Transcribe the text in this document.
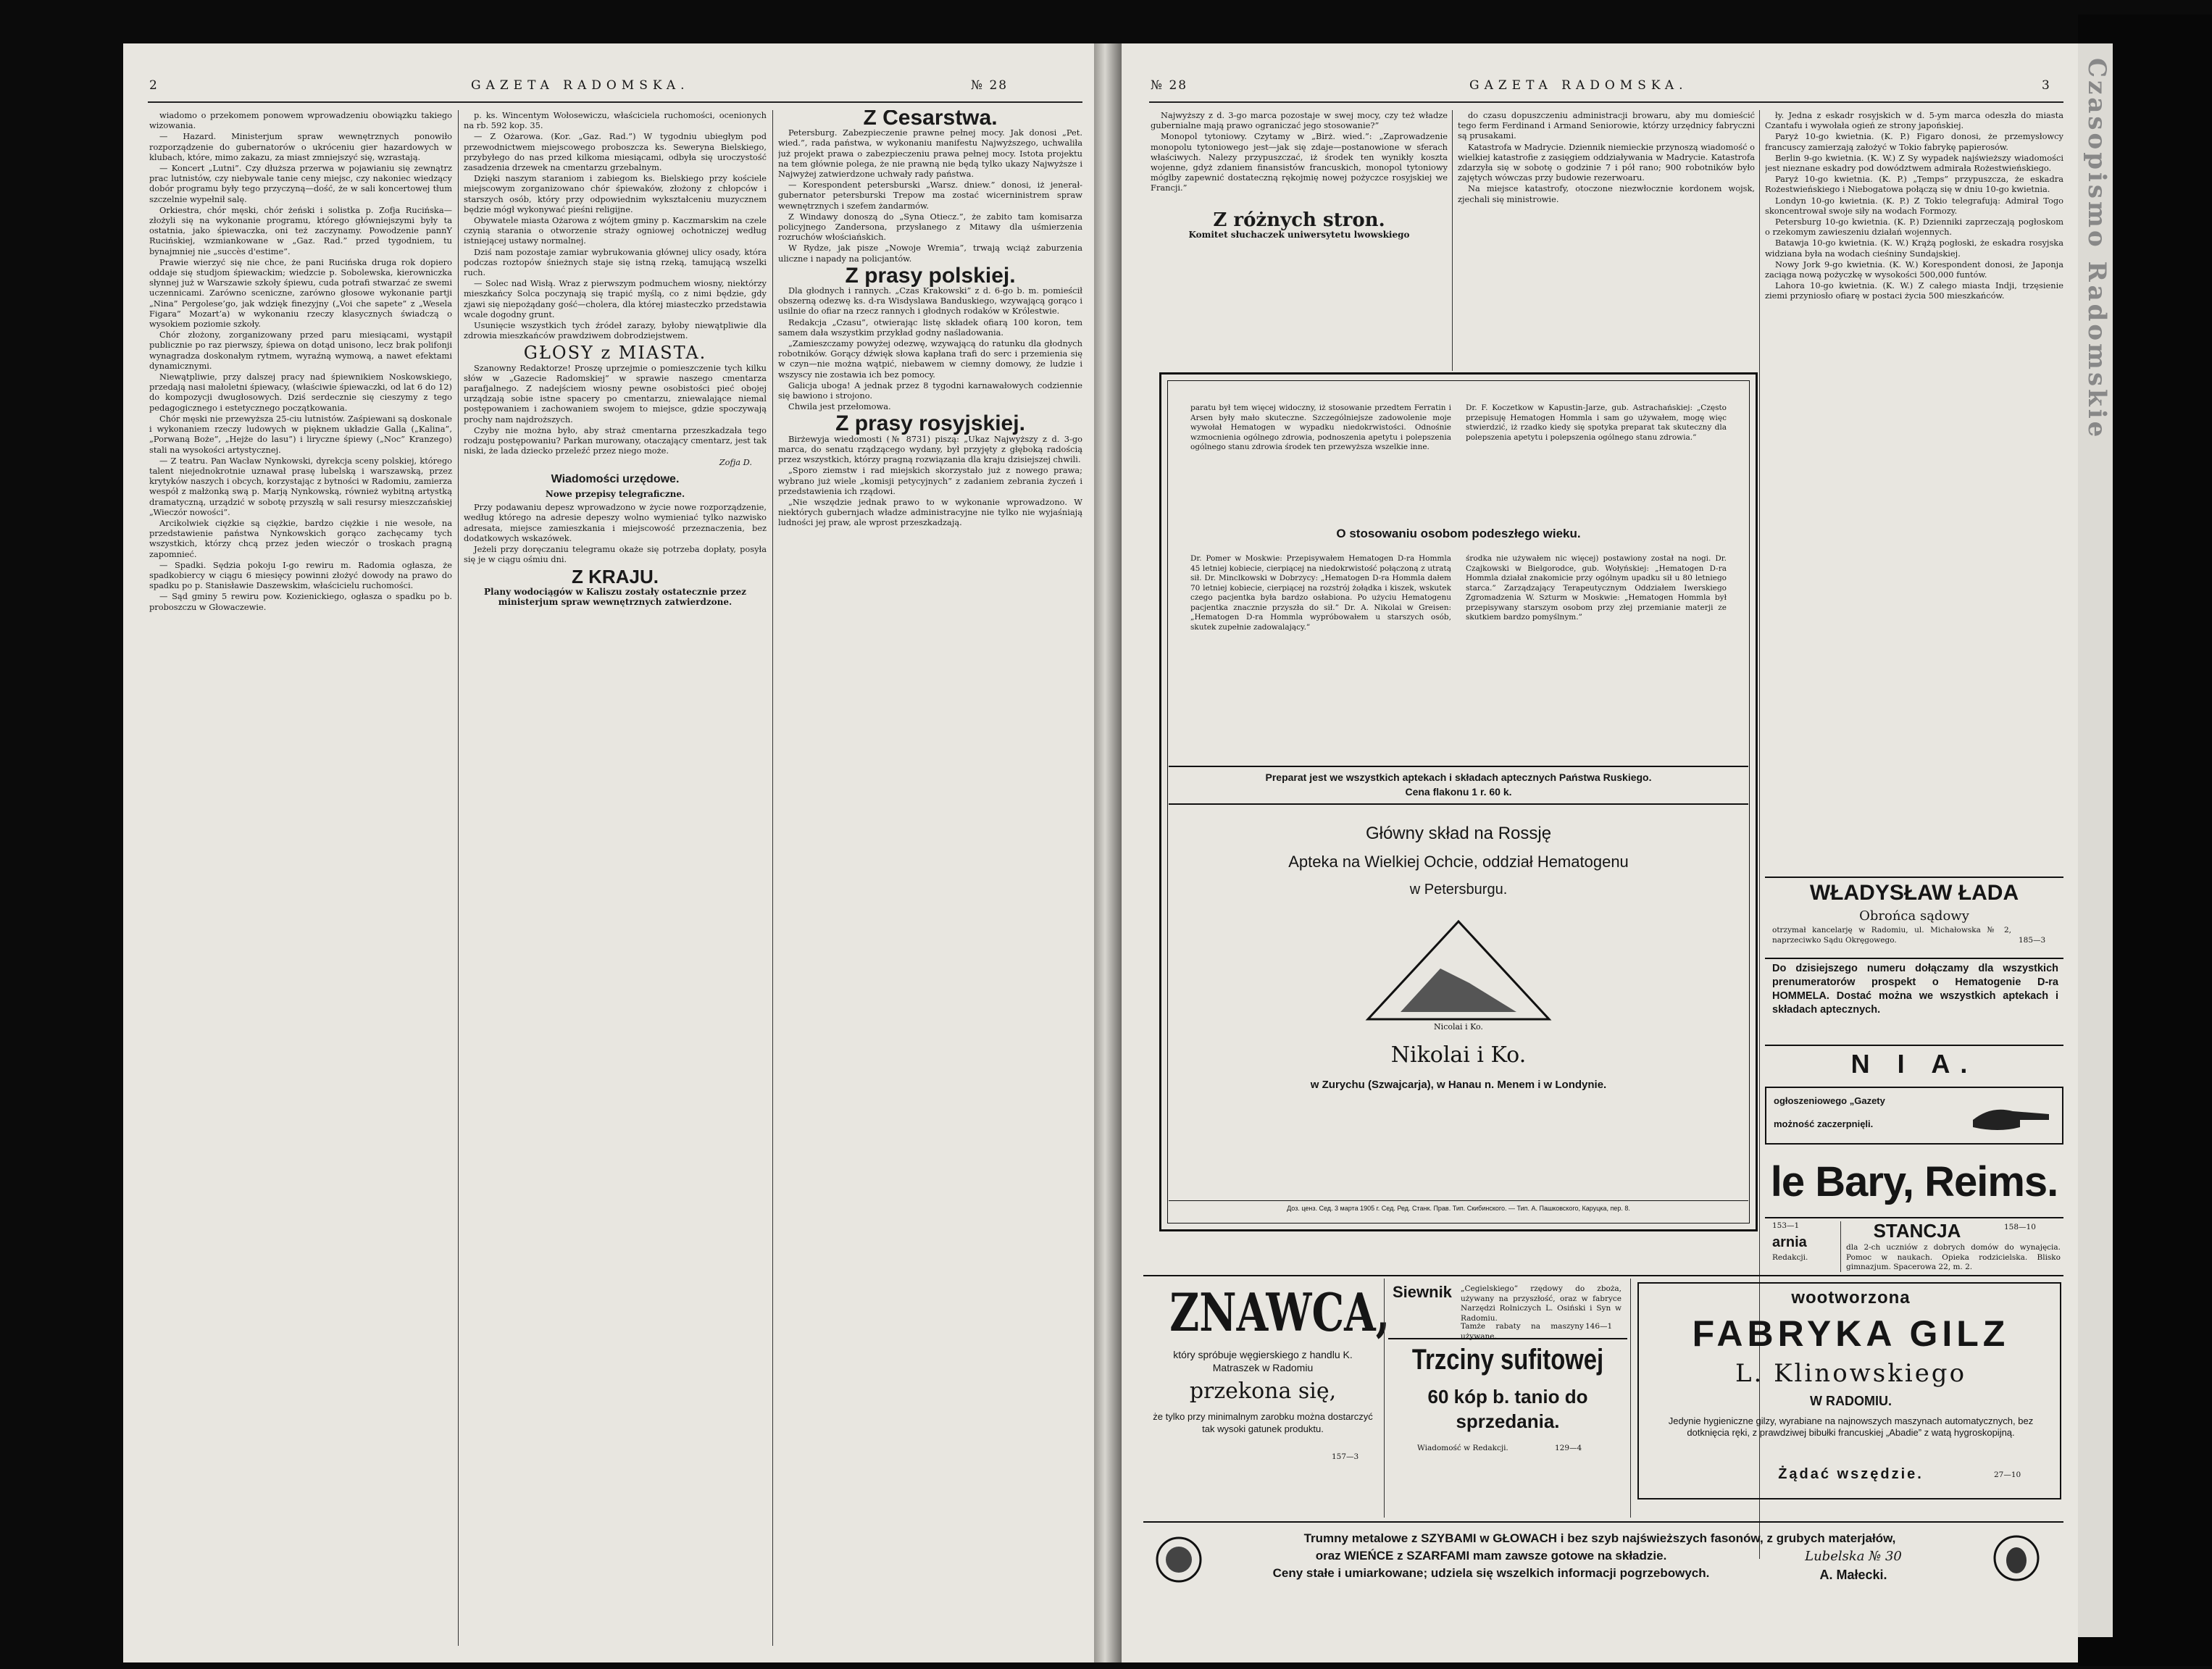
Czasopismo Radomskie
2	GAZETA RADOMSKA.	№ 28

wiadomo o przekomem ponowem wprowadzeniu obowiązku takiego wizowania.

— Hazard. Ministerjum spraw wewnętrznych ponowiło rozporządzenie do gubernatorów o ukróceniu gier hazardowych w klubach, które, mimo zakazu, za miast zmniejszyć się, wzrastają.

— Koncert „Lutni”. Czy dłuższa przerwa w pojawianiu się zewnątrz prac lutnistów, czy niebywale tanie ceny miejsc, czy nakoniec wiedzący dobór programu były tego przyczyną—dość, że w sali koncertowej tłum szczelnie wypełnił salę.

Orkiestra, chór męski, chór żeński i solistka p. Zofja Rucińska—złożyli się na wykonanie programu, którego główniejszymi były ta ostatnia, jako śpiewaczka, oni też zaczynamy. Powodzenie pannY Rucińskiej, wzmiankowane w „Gaz. Rad.” przed tygodniem, tu bynajmniej nie „succès d'estime”.

Prawie wierzyć się nie chce, że pani Rucińska druga rok dopiero oddaje się studjom śpiewackim; wiedzcie p. Sobolewska, kierowniczka słynnej już w Warszawie szkoły śpiewu, cuda potrafi stwarzać ze swemi uczennicami. Zarówno sceniczne, zarówno głosowe wykonanie partji „Nina” Pergolese’go, jak wdzięk finezyjny („Voi che sapete” z „Wesela Figara” Mozart’a) w wykonaniu rzeczy klasycznych świadczą o wysokiem poziomie szkoły.

Chór złożony, zorganizowany przed paru miesiącami, wystąpił publicznie po raz pierwszy, śpiewa on dotąd unisono, lecz brak polifonji wynagradza doskonałym rytmem, wyraźną wymową, a nawet efektami dynamicznymi.

Niewątpliwie, przy dalszej pracy nad śpiewnikiem Noskowskiego, przedają nasi małoletni śpiewacy, (właściwie śpiewaczki, od lat 6 do 12) do kompozycji dwugłosowych. Dziś serdecznie się cieszymy z tego pedagogicznego i estetycznego początkowania.

Chór męski nie przewyższa 25-ciu lutnistów. Zaśpiewani są doskonale i wykonaniem rzeczy ludowych w pięknem układzie Galla („Kalina”, „Porwaną Boże”, „Hejże do lasu”) i liryczne śpiewy („Noc” Kranzego) stali na wysokości artystycznej.

— Z teatru. Pan Wacław Nynkowski, dyrekcja sceny polskiej, którego talent niejednokrotnie uznawał prasę lubelską i warszawską, przez krytyków naszych i obcych, korzystając z bytności w Radomiu, zamierza wespół z małżonką swą p. Marją Nynkowską, również wybitną artystką dramatyczną, urządzić w sobotę przyszłą w sali resursy mieszczańskiej „Wieczór nowości”.

Arcikolwiek ciężkie są ciężkie, bardzo ciężkie i nie wesołe, na przedstawienie państwa Nynkowskich gorąco zachęcamy tych wszystkich, którzy chcą przez jeden wieczór o troskach pragną zapomnieć.

— Spadki. Sędzia pokoju I-go rewiru m. Radomia ogłasza, że spadkobiercy w ciągu 6 miesięcy powinni złożyć dowody na prawo do spadku po p. Stanisławie Daszewskim, właścicielu ruchomości.

— Sąd gminy 5 rewiru pow. Kozienickiego, ogłasza o spadku po b. proboszczu w Głowaczewie.

p. ks. Wincentym Wołosewiczu, właściciela ruchomości, ocenionych na rb. 592 kop. 35.

— Z Ożarowa. (Kor. „Gaz. Rad.”) W tygodniu ubiegłym pod przewodnictwem miejscowego proboszcza ks. Seweryna Bielskiego, przybyłego do nas przed kilkoma miesiącami, odbyła się uroczystość zasadzenia drzewek na cmentarzu grzebalnym.

Dzięki naszym staraniom i zabiegom ks. Bielskiego przy kościele miejscowym zorganizowano chór śpiewaków, złożony z chłopców i starszych osób, który przy odpowiednim wykształceniu muzycznem będzie mógł wykonywać pieśni religijne.

Obywatele miasta Ożarowa z wójtem gminy p. Kaczmarskim na czele czynią starania o otworzenie straży ogniowej ochotniczej według istniejącej ustawy normalnej.

Dziś nam pozostaje zamiar wybrukowania głównej ulicy osady, która podczas roztopów śnieżnych staje się istną rzeką, tamującą wszelki ruch.

— Solec nad Wisłą. Wraz z pierwszym podmuchem wiosny, niektórzy mieszkańcy Solca poczynają się trapić myślą, co z nimi będzie, gdy zjawi się niepożądany gość—cholera, dla której miasteczko przedstawia wcale dogodny grunt.

Usunięcie wszystkich tych źródeł zarazy, byłoby niewątpliwie dla zdrowia mieszkańców prawdziwem dobrodziejstwem.

GŁOSY z MIASTA.

Szanowny Redaktorze! Proszę uprzejmie o pomieszczenie tych kilku słów w „Gazecie Radomskiej” w sprawie naszego cmentarza parafjalnego. Z nadejściem wiosny pewne osobistości pieć obojej urządzają sobie istne spacery po cmentarzu, zniewalające niemal postępowaniem i zachowaniem swojem to miejsce, gdzie spoczywają prochy nam najdroższych.

Czyby nie można było, aby straż cmentarna przeszkadzała tego rodzaju postępowaniu? Parkan murowany, otaczający cmentarz, jest tak niski, że lada dziecko przeleźć przez niego może.

Zofja D.
Wiadomości urzędowe.
Nowe przepisy telegraficzne.

Przy podawaniu depesz wprowadzono w życie nowe rozporządzenie, według którego na adresie depeszy wolno wymieniać tylko nazwisko adresata, miejsce zamieszkania i miejscowość przeznaczenia, bez dodatkowych wskazówek.

Jeżeli przy doręczaniu telegramu okaże się potrzeba dopłaty, posyła się je w ciągu ośmiu dni.

Z KRAJU.
Plany wodociągów w Kaliszu zostały ostatecznie przez ministerjum spraw wewnętrznych zatwierdzone.
Z Cesarstwa.

Petersburg. Zabezpieczenie prawne pełnej mocy. Jak donosi „Pet. wied.”, rada państwa, w wykonaniu manifestu Najwyższego, uchwaliła już projekt prawa o zabezpieczeniu prawa pełnej mocy. Istota projektu na tem głównie polega, że nie prawną nie będą tylko ukazy Najwyższe i Najwyżej zatwierdzone uchwały rady państwa.

— Korespondent petersburski „Warsz. dniew.” donosi, iż jenerał-gubernator petersburski Trepow ma zostać wicerninistrem spraw wewnętrznych i szefem żandarmów.

Z Windawy donoszą do „Syna Otiecz.”, że zabito tam komisarza policyjnego Zandersona, przysłanego z Mitawy dla uśmierzenia rozruchów włościańskich.

W Rydze, jak pisze „Nowoje Wremia”, trwają wciąż zaburzenia uliczne i napady na policjantów.

Z prasy polskiej.

Dla głodnych i rannych. „Czas Krakowski” z d. 6-go b. m. pomieścił obszerną odezwę ks. d-ra Wisdyslawa Banduskiego, wzywającą gorąco i usilnie do ofiar na rzecz rannych i głodnych rodaków w Królestwie.

Redakcja „Czasu”, otwierając listę składek ofiarą 100 koron, tem samem dała wszystkim przykład godny naśladowania.

„Zamieszczamy powyżej odezwę, wzywającą do ratunku dla głodnych robotników. Gorący dźwięk słowa kapłana trafi do serc i przemienia się w czyn—nie można wątpić, niebawem w ciemny domowy, że ludzie i wszyscy nie zostawia ich bez pomocy.

Galicja uboga! A jednak przez 8 tygodni karnawałowych codziennie się bawiono i strojono.

Chwila jest przełomowa.

Z prasy rosyjskiej.

Birżewyja wiedomosti (№ 8731) piszą: „Ukaz Najwyższy z d. 3-go marca, do senatu rządzącego wydany, był przyjęty z głęboką radością przez wszystkich, którzy pragną rozwiązania dla kraju dzisiejszej chwili.

„Sporo ziemstw i rad miejskich skorzystało już z nowego prawa; wybrano już wiele „komisji petycyjnych” z zadaniem zebrania życzeń i przedstawienia ich rządowi.

„Nie wszędzie jednak prawo to w wykonanie wprowadzono. W niektórych gubernjach władze administracyjne nie tylko nie wyjaśniają ludności jej praw, ale wprost przeszkadzają.

№ 28	GAZETA RADOMSKA.	3

Najwyższy z d. 3-go marca pozostaje w swej mocy, czy też władze gubernialne mają prawo ograniczać jego stosowanie?”

Monopol tytoniowy. Czytamy w „Birż. wied.”: „Zaprowadzenie monopolu tytoniowego jest—jak się zdaje—postanowione w sferach właściwych. Nalezy przypuszczać, iż środek ten wynikły koszta wojenne, gdyż zdaniem finansistów francuskich, monopol tytoniowy mógłby zapewnić dostateczną rękojmię nowej pożyczce rosyjskiej we Francji.”

Z różnych stron.
Komitet słuchaczek uniwersytetu lwowskiego

do czasu dopuszczeniu administracji browaru, aby mu domieścić tego ferm Ferdinand i Armand Seniorowie, którzy urzędnicy fabryczni są prusakami.

Katastrofa w Madrycie. Dziennik niemieckie przynoszą wiadomość o wielkiej katastrofie z zasięgiem oddziaływania w Madrycie. Katastrofa zdarzyła się w sobotę o godzinie 7 i pół rano; 900 robotników było zajętych wówczas przy budowie rezerwoaru.

Na miejsce katastrofy, otoczone niezwłocznie kordonem wojsk, zjechali się ministrowie.

ły. Jedna z eskadr rosyjskich w d. 5-ym marca odeszła do miasta Czantafu i wywołała ogień ze strony japońskiej.

Paryż 10-go kwietnia. (K. P.) Figaro donosi, że przemysłowcy francuscy zamierzają założyć w Tokio fabrykę papierosów.

Berlin 9-go kwietnia. (K. W.) Z Sy wypadek najświeższy wiadomości jest nieznane eskadry pod dowództwem admirała Rożestwieńskiego.

Paryż 10-go kwietnia. (K. P.) „Temps” przypuszcza, że eskadra Rożestwieńskiego i Niebogatowa połączą się w dniu 10-go kwietnia.

Londyn 10-go kwietnia. (K. P.) Z Tokio telegrafują: Admirał Togo skoncentrował swoje siły na wodach Formozy.

Petersburg 10-go kwietnia. (K. P.) Dzienniki zaprzeczają pogłoskom o rzekomym zawieszeniu działań wojennych.

Batawja 10-go kwietnia. (K. W.) Krążą pogłoski, że eskadra rosyjska widziana była na wodach cieśniny Sundajskiej.

Nowy Jork 9-go kwietnia. (K. W.) Korespondent donosi, że Japonja zaciąga nową pożyczkę w wysokości 500,000 funtów.

Lahora 10-go kwietnia. (K. W.) Z całego miasta Indji, trzęsienie ziemi przyniosło ofiarę w postaci życia 500 mieszkańców.

paratu był tem więcej widoczny, iż stosowanie przedtem Ferratin i Arsen były mało skuteczne. Szczególniejsze zadowolenie moje wywołał Hematogen w wypadku niedokrwistości. Odnośnie wzmocnienia ogólnego zdrowia, podnoszenia apetytu i polepszenia ogólnego stanu zdrowia środek ten przewyższa wszelkie inne.
Dr. F. Koczetkow w Kapustin-Jarze, gub. Astrachańskiej: „Często przepisuję Hematogen Hommla i sam go używałem, mogę więc stwierdzić, iż rzadko kiedy się spotyka preparat tak skuteczny dla polepszenia apetytu i polepszenia ogólnego stanu zdrowia.”
O stosowaniu osobom podeszłego wieku.
Dr. Pomer w Moskwie: Przepisywałem Hematogen D-ra Hommla 45 letniej kobiecie, cierpiącej na niedokrwistość połączoną z utratą sił. Dr. Minclkowski w Dobrzycy: „Hematogen D-ra Hommla dałem 70 letniej kobiecie, cierpiącej na rozstrój żołądka i kiszek, wskutek czego pacjentka była bardzo osłabiona. Po użyciu Hematogenu pacjentka znacznie przyszła do sił.” Dr. A. Nikolai w Greisen: „Hematogen D-ra Hommla wypróbowałem u starszych osób, skutek zupełnie zadowalający.”
środka nie używałem nic więcej) postawiony został na nogi. Dr. Czajkowski w Bielgorodce, gub. Wołyńskiej: „Hematogen D-ra Hommla działał znakomicie przy ogólnym upadku sił u 80 letniego starca.” Zarządzający Terapeutycznym Oddziałem Iwerskiego Zgromadzenia W. Szturm w Moskwie: „Hematogen Hommla był przepisywany starszym osobom przy złej przemianie materji ze skutkiem bardzo pomyślnym.”
Preparat jest we wszystkich aptekach i składach aptecznych Państwa Ruskiego.
Cena flakonu 1 r. 60 k.
Główny skład na Rossję
Apteka na Wielkiej Ochcie, oddział Hematogenu
w Petersburgu.
Nicolai i Ko.
Nikolai i Ko.
w Zurychu (Szwajcarja), w Hanau n. Menem i w Londynie.
Доз. ценз. Сед. 3 марта 1905 г. Сед. Ред. Станк. Прав. Тип. Скибинского. — Тип. А. Пашковского, Каруцка, пер. 8.
WŁADYSŁAW ŁADA
Obrońca sądowy
otrzymał kancelarję w Radomiu, ul. Michałowska № 2, naprzeciwko Sądu Okręgowego.	185—3
Do dzisiejszego numeru dołączamy dla wszystkich prenumeratorów prospekt o Hematogenie D-ra HOMMELA. Dostać można we wszystkich aptekach i składach aptecznych.
N I A.
ogłoszeniowego „Gazety
możność zaczerpnięli.
le Bary, Reims.
153—1
arnia
Redakcji.
STANCJA	158—10
dla 2-ch uczniów z dobrych domów do wynajęcia. Pomoc w naukach. Opieka rodzicielska. Blisko gimnazjum. Spacerowa 22, m. 2.
ZNAWCA,
który spróbuje węgierskiego z handlu K. Matraszek w Radomiu
przekona się,
że tylko przy minimalnym zarobku można dostarczyć tak wysoki gatunek produktu.
157—3
Siewnik	„Cegielskiego” rzędowy do zboża, używany na przyszłość, oraz w fabryce Narzędzi Rolniczych L. Osiński i Syn w Radomiu.
Tamże rabaty na maszyny używane.
146—1
Trzciny sufitowej
60 kóp b. tanio do
sprzedania.
Wiadomość w Redakcji.	129—4
wootworzona
FABRYKA GILZ
L. Klinowskiego
W RADOMIU.
Jedynie hygieniczne gilzy, wyrabiane na najnowszych maszynach automatycznych, bez dotknięcia ręki, z prawdziwej bibułki francuskiej „Abadie” z watą hygroskopijną.
Żądać wszędzie.	27—10
Trumny metalowe z SZYBAMI w GŁOWACH i bez szyb najświeższych fasonów, z grubych materjałów,
oraz WIEŃCE z SZARFAMI mam zawsze gotowe na składzie.	Lubelska № 30
Ceny stałe i umiarkowane; udziela się wszelkich informacji pogrzebowych.	A. Małecki.
